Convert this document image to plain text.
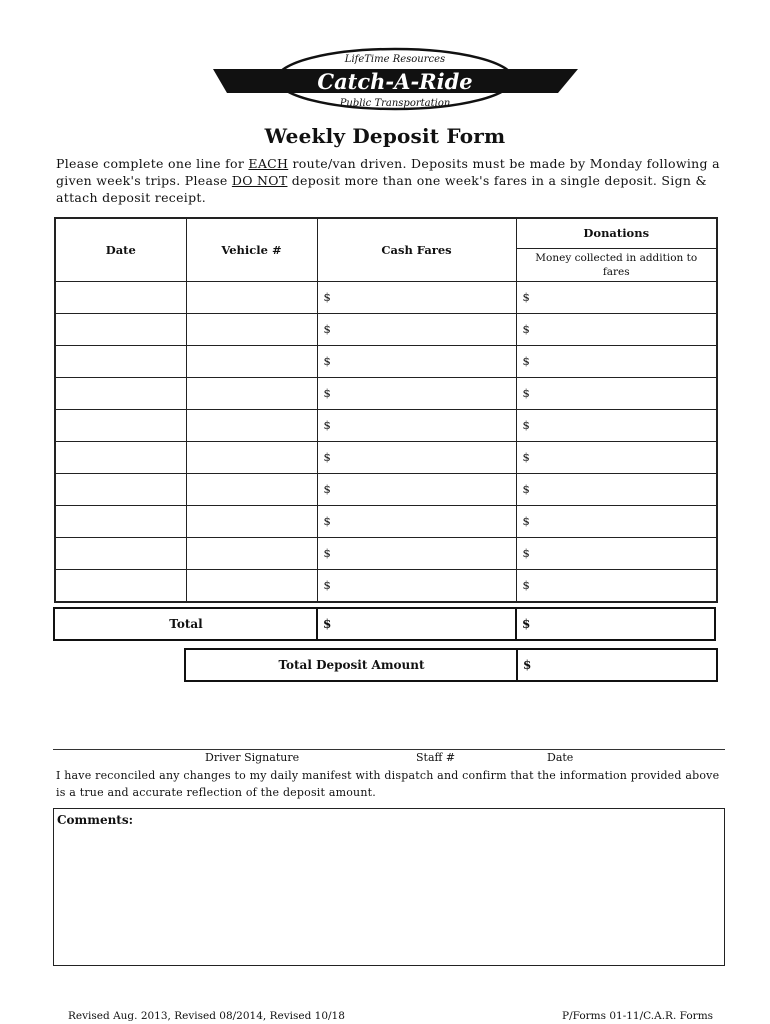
LifeTime Resources
Catch-A-Ride
Public Transportation
Weekly Deposit Form
Please complete one line for EACH route/van driven. Deposits must be made by Monday following a given week's trips. Please DO NOT deposit more than one week's fares in a single deposit. Sign & attach deposit receipt.
Date	Vehicle #	Cash Fares	Donations
			Money collected in addition to fares
		$	$
		$	$
		$	$
		$	$
		$	$
		$	$
		$	$
		$	$
		$	$
		$	$
Total	$	$
Total Deposit Amount	$
Driver Signature	Staff #	Date
I have reconciled any changes to my daily manifest with dispatch and confirm that the information provided above is a true and accurate reflection of the deposit amount.
Comments:
Revised Aug. 2013, Revised 08/2014, Revised 10/18	P/Forms 01-11/C.A.R. Forms
